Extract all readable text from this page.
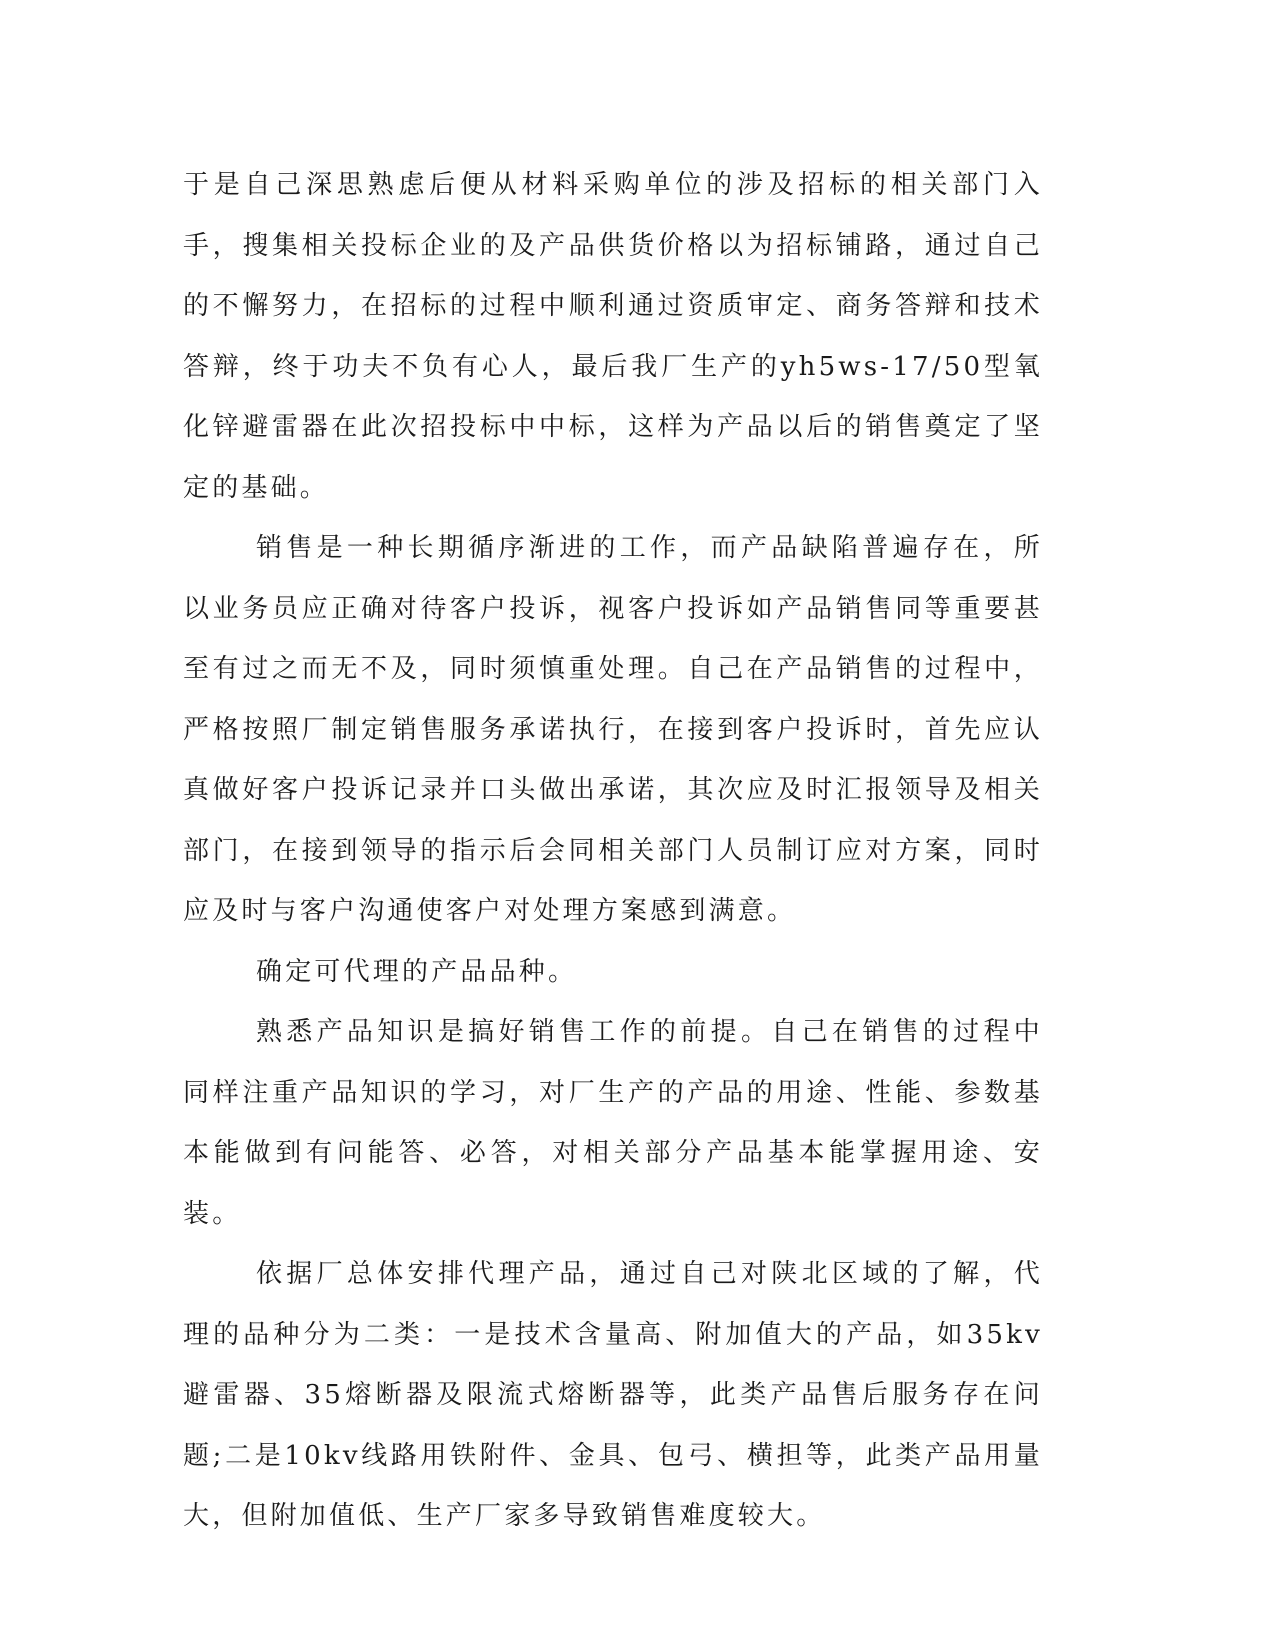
于是自己深思熟虑后便从材料采购单位的涉及招标的相关部门入手，搜集相关投标企业的及产品供货价格以为招标铺路，通过自己的不懈努力，在招标的过程中顺利通过资质审定、商务答辩和技术答辩，终于功夫不负有心人，最后我厂生产的yh5ws-17/50型氧化锌避雷器在此次招投标中中标，这样为产品以后的销售奠定了坚定的基础。

销售是一种长期循序渐进的工作，而产品缺陷普遍存在，所以业务员应正确对待客户投诉，视客户投诉如产品销售同等重要甚至有过之而无不及，同时须慎重处理。自己在产品销售的过程中，严格按照厂制定销售服务承诺执行，在接到客户投诉时，首先应认真做好客户投诉记录并口头做出承诺，其次应及时汇报领导及相关部门，在接到领导的指示后会同相关部门人员制订应对方案，同时应及时与客户沟通使客户对处理方案感到满意。

确定可代理的产品品种。

熟悉产品知识是搞好销售工作的前提。自己在销售的过程中同样注重产品知识的学习，对厂生产的产品的用途、性能、参数基本能做到有问能答、必答，对相关部分产品基本能掌握用途、安装。

依据厂总体安排代理产品，通过自己对陕北区域的了解，代理的品种分为二类：一是技术含量高、附加值大的产品，如35kv避雷器、35熔断器及限流式熔断器等，此类产品售后服务存在问题;二是10kv线路用铁附件、金具、包弓、横担等，此类产品用量大，但附加值低、生产厂家多导致销售难度较大。
